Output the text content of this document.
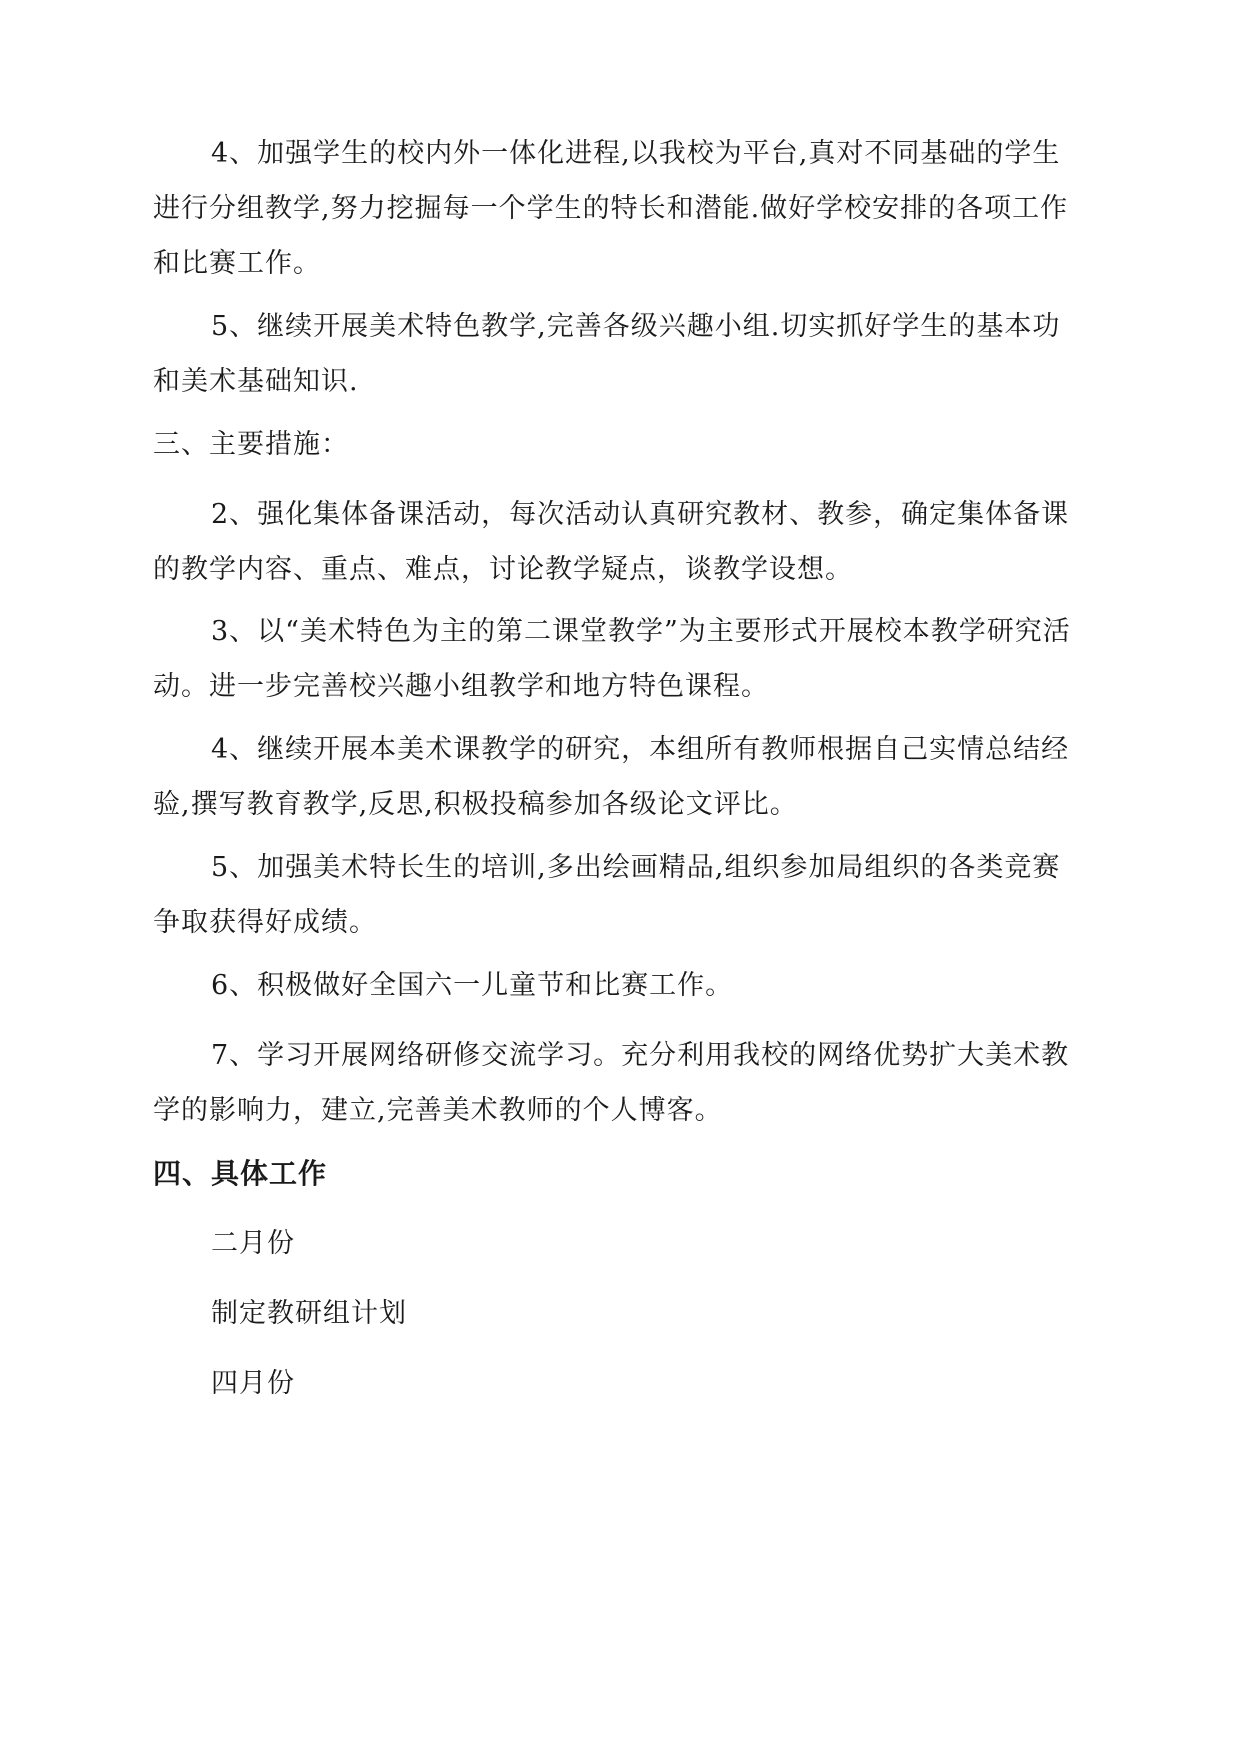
4、加强学生的校内外一体化进程,以我校为平台,真对不同基础的学生进行分组教学,努力挖掘每一个学生的特长和潜能.做好学校安排的各项工作和比赛工作。

5、继续开展美术特色教学,完善各级兴趣小组.切实抓好学生的基本功和美术基础知识.

三、主要措施：

2、强化集体备课活动，每次活动认真研究教材、教参，确定集体备课的教学内容、重点、难点，讨论教学疑点，谈教学设想。

3、以“美术特色为主的第二课堂教学”为主要形式开展校本教学研究活动。进一步完善校兴趣小组教学和地方特色课程。

4、继续开展本美术课教学的研究，本组所有教师根据自己实情总结经验,撰写教育教学,反思,积极投稿参加各级论文评比。

5、加强美术特长生的培训,多出绘画精品,组织参加局组织的各类竞赛争取获得好成绩。

6、积极做好全国六一儿童节和比赛工作。

7、学习开展网络研修交流学习。充分利用我校的网络优势扩大美术教学的影响力，建立,完善美术教师的个人博客。

四、具体工作

二月份

制定教研组计划

四月份
